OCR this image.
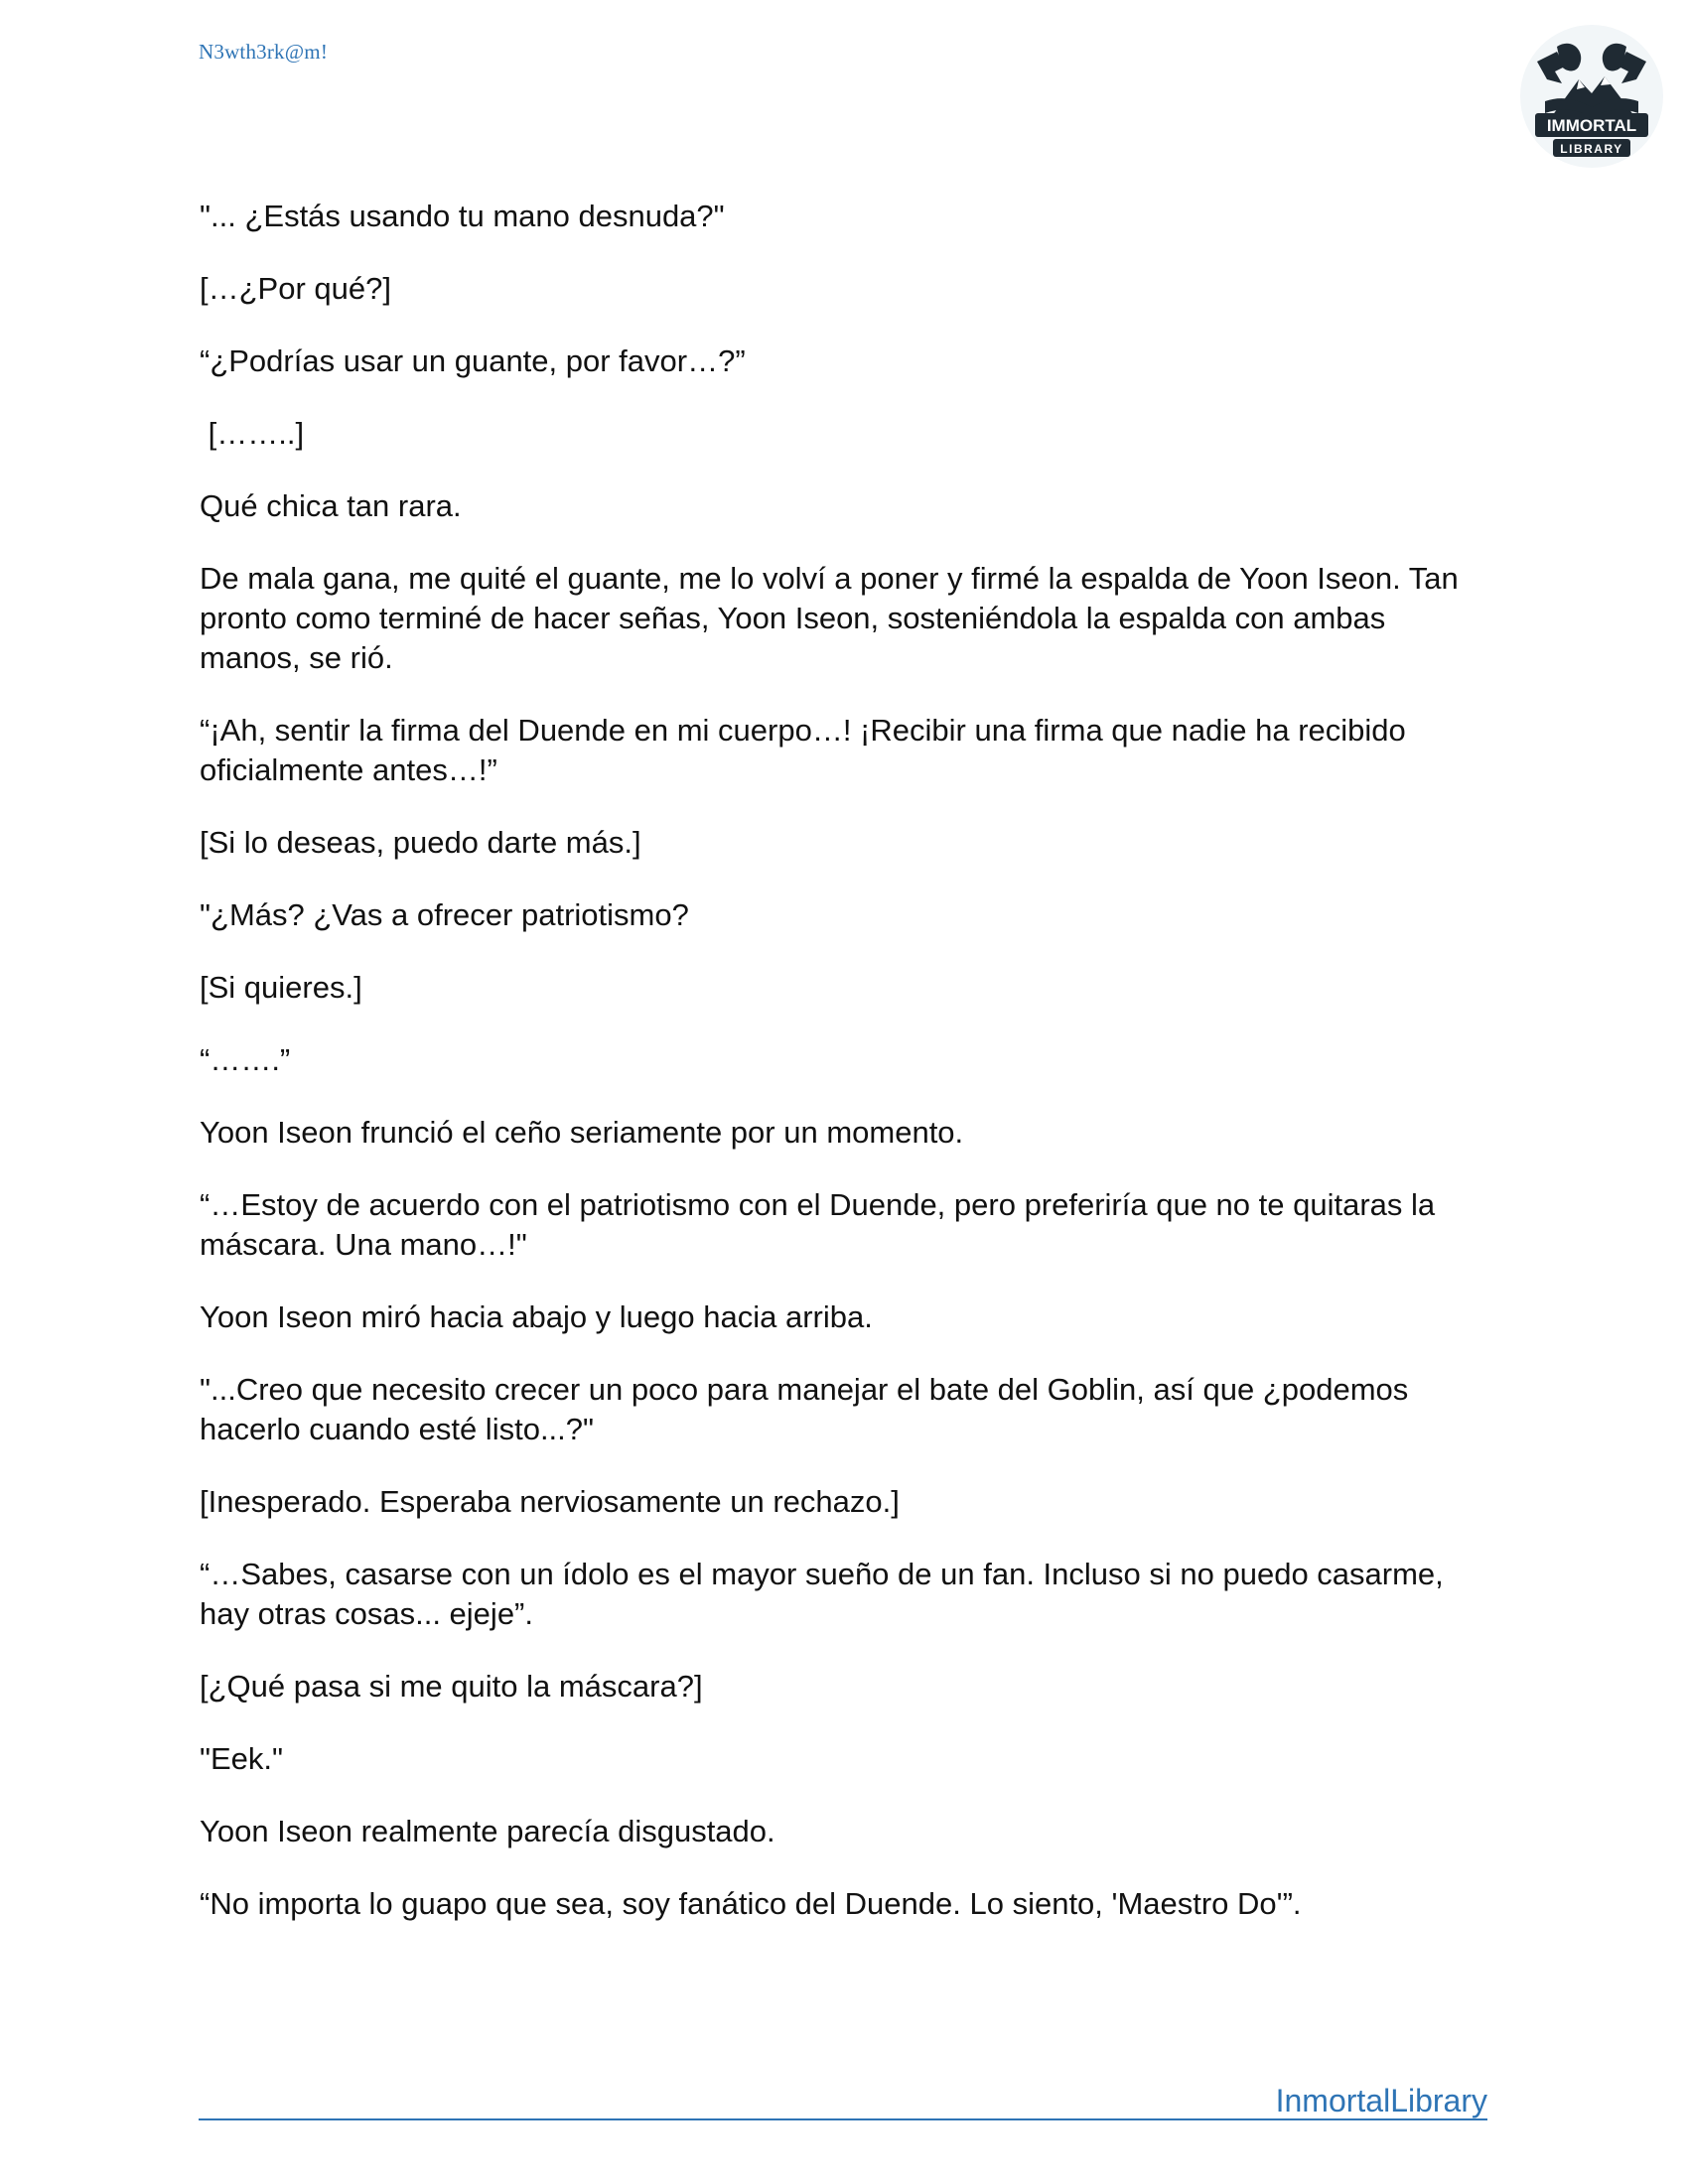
N3wth3rk@m!
IMMORTAL
LIBRARY

"... ¿Estás usando tu mano desnuda?"

[…¿Por qué?]

“¿Podrías usar un guante, por favor…?”

[……..]

Qué chica tan rara.

De mala gana, me quité el guante, me lo volví a poner y firmé la espalda de Yoon Iseon. Tan pronto como terminé de hacer señas, Yoon Iseon, sosteniéndola la espalda con ambas manos, se rió.

“¡Ah, sentir la firma del Duende en mi cuerpo…! ¡Recibir una firma que nadie ha recibido oficialmente antes…!”

[Si lo deseas, puedo darte más.]

"¿Más? ¿Vas a ofrecer patriotismo?

[Si quieres.]

“…….”

Yoon Iseon frunció el ceño seriamente por un momento.

“…Estoy de acuerdo con el patriotismo con el Duende, pero preferiría que no te quitaras la máscara. Una mano…!"

Yoon Iseon miró hacia abajo y luego hacia arriba.

"...Creo que necesito crecer un poco para manejar el bate del Goblin, así que ¿podemos hacerlo cuando esté listo...?"

[Inesperado. Esperaba nerviosamente un rechazo.]

“…Sabes, casarse con un ídolo es el mayor sueño de un fan. Incluso si no puedo casarme, hay otras cosas... ejeje”.

[¿Qué pasa si me quito la máscara?]

"Eek."

Yoon Iseon realmente parecía disgustado.

“No importa lo guapo que sea, soy fanático del Duende. Lo siento, 'Maestro Do'”.

InmortalLibrary
